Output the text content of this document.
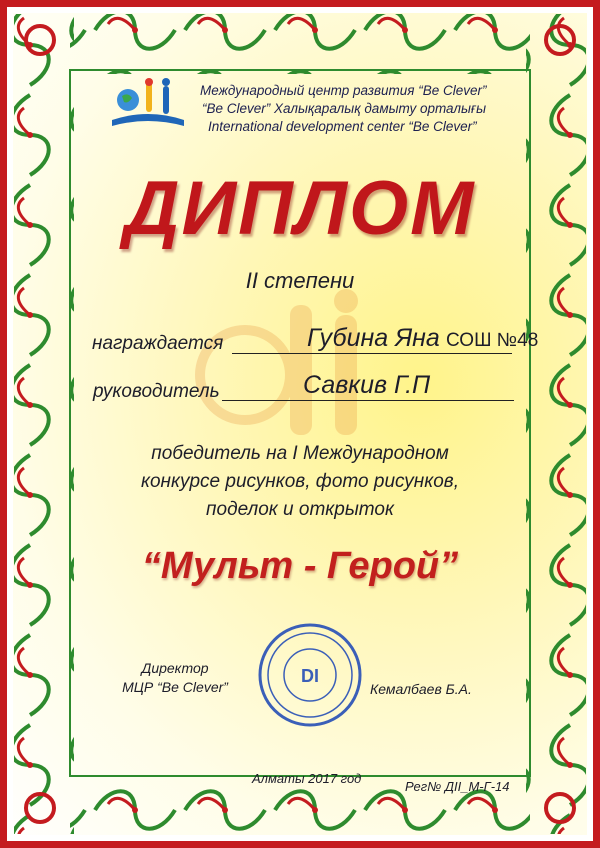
Международный центр развития “Be Clever”
“Be Clever” Халықаралық дамыту орталығы
International development center “Be Clever”
ДИПЛОМ
II степени
награждается	Губина Яна СОШ №48
руководитель	Савкив Г.П
победитель на I Международном
конкурсе рисунков, фото рисунков,
поделок и открыток
“Мульт - Герой”
Директор
МЦР “Be Clever”
DI
Кемалбаев Б.А.
Алматы 2017 год
Рег№ ДII_М-Г-14
